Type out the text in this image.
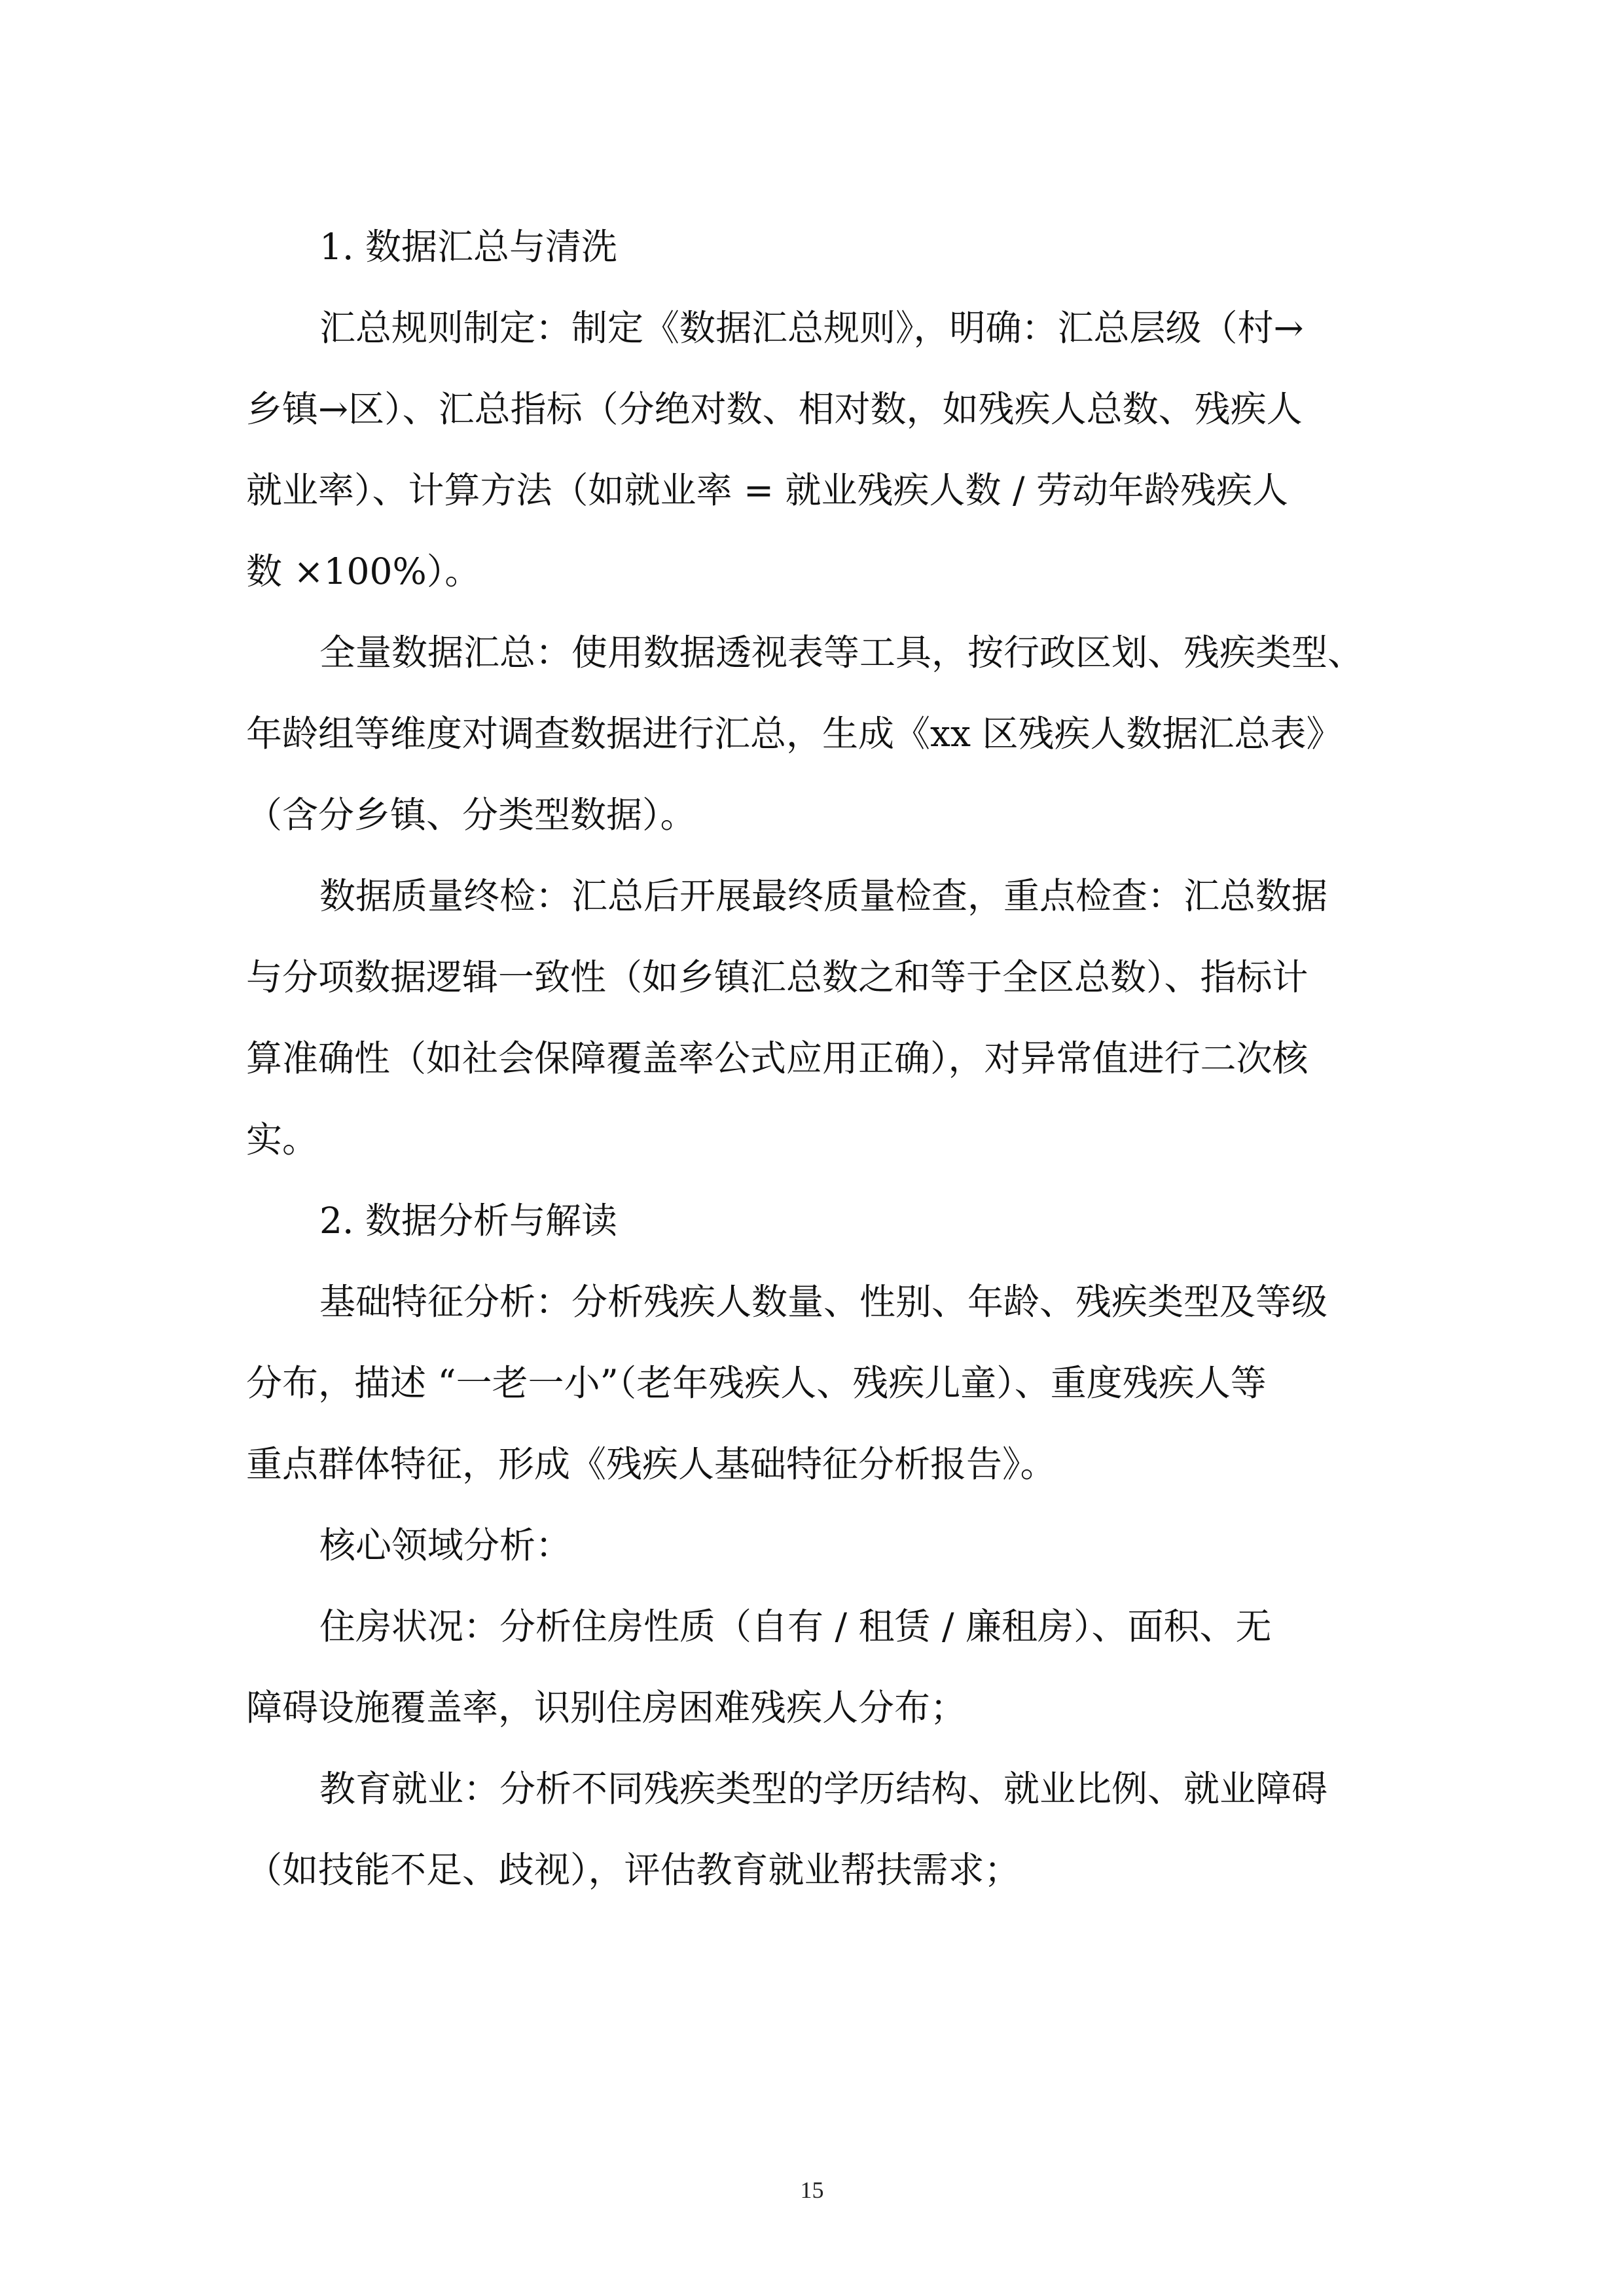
1. 数据汇总与清洗
汇总规则制定：制定《数据汇总规则》，明确：汇总层级（村→
乡镇→区）、汇总指标（分绝对数、相对数，如残疾人总数、残疾人
就业率）、计算方法（如就业率 = 就业残疾人数 / 劳动年龄残疾人
数 ×100%）。
全量数据汇总：使用数据透视表等工具，按行政区划、残疾类型、
年龄组等维度对调查数据进行汇总，生成《xx 区残疾人数据汇总表》
（含分乡镇、分类型数据）。
数据质量终检：汇总后开展最终质量检查，重点检查：汇总数据
与分项数据逻辑一致性（如乡镇汇总数之和等于全区总数）、指标计
算准确性（如社会保障覆盖率公式应用正确），对异常值进行二次核
实。
2. 数据分析与解读
基础特征分析：分析残疾人数量、性别、年龄、残疾类型及等级
分布，描述 “一老一小”（老年残疾人、残疾儿童）、重度残疾人等
重点群体特征，形成《残疾人基础特征分析报告》。
核心领域分析：
住房状况：分析住房性质（自有 / 租赁 / 廉租房）、面积、无
障碍设施覆盖率，识别住房困难残疾人分布；
教育就业：分析不同残疾类型的学历结构、就业比例、就业障碍
（如技能不足、歧视），评估教育就业帮扶需求；
15
